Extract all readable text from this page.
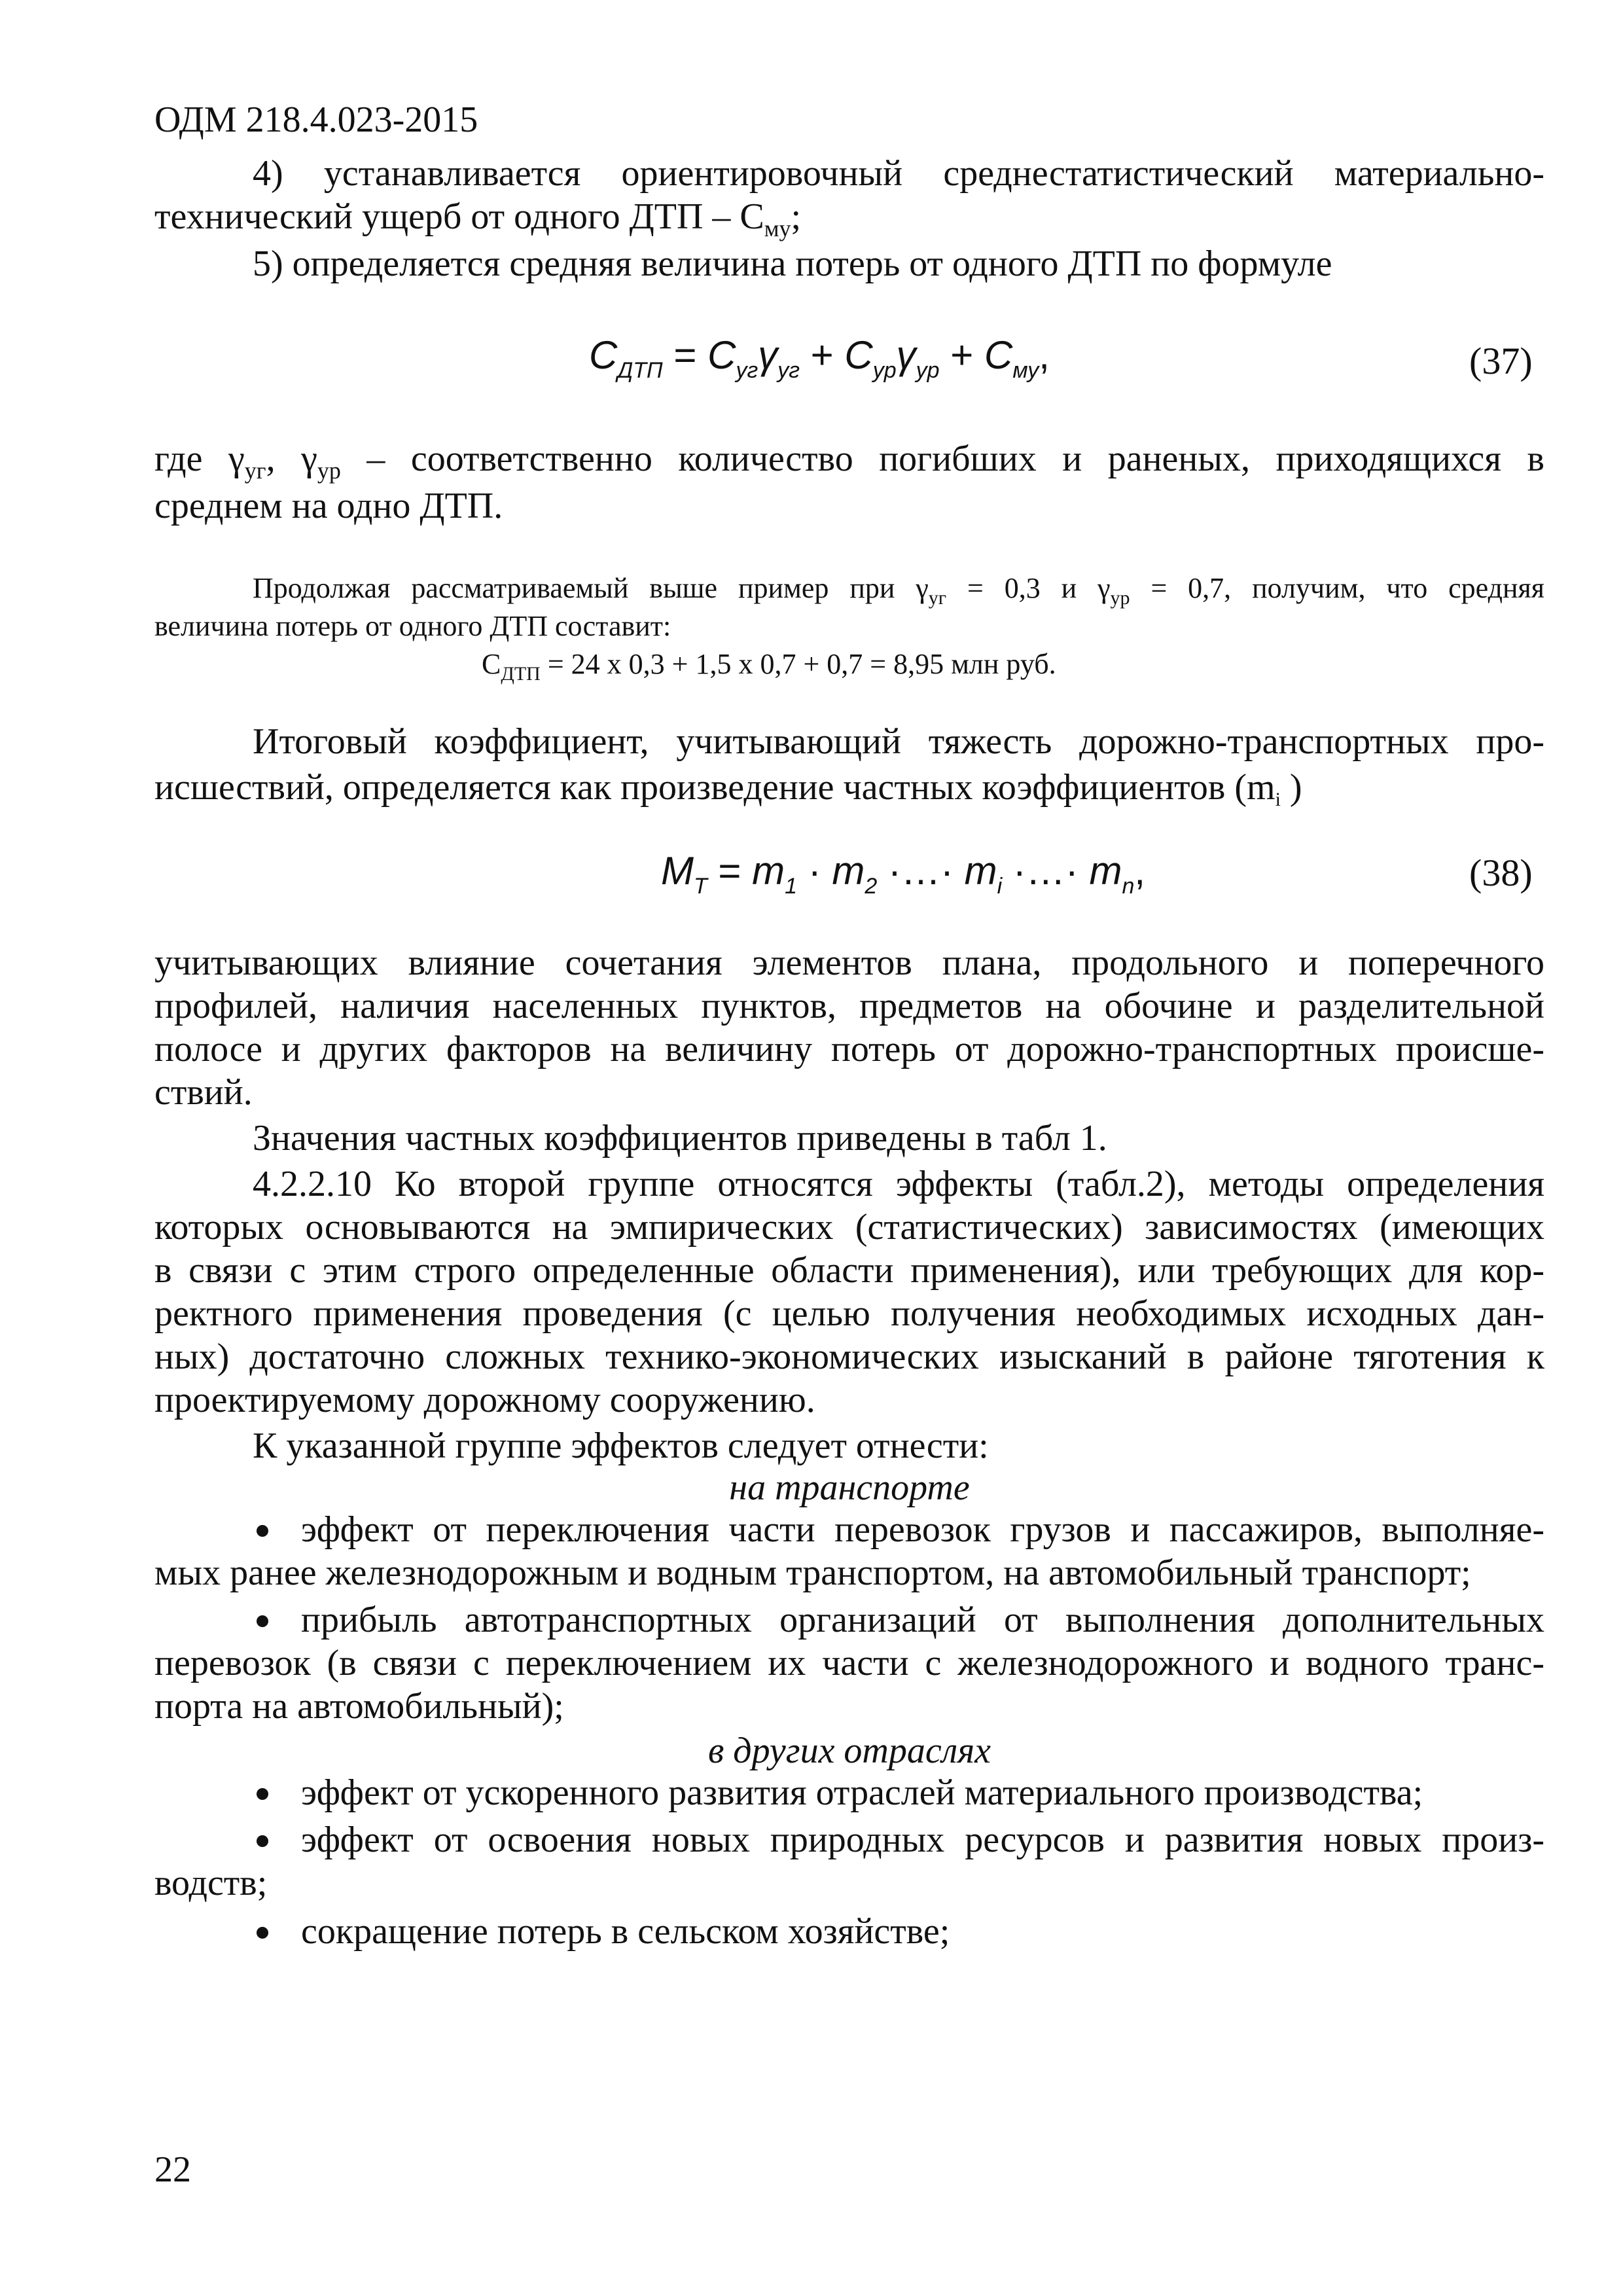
ОДМ 218.4.023-2015
4) устанавливается ориентировочный среднестатистический материально-
технический ущерб от одного ДТП – $С_{му}$;
5) определяется средняя величина потерь от одного ДТП по формуле
$C_{ДТП} = C_{уг}\gamma_{уг} + C_{ур}\gamma_{ур} + C_{му}$,	(37)
где $\gamma_{уг}$, $\gamma_{ур}$ – соответственно количество погибших и раненых, приходящихся в
среднем на одно ДТП.
Продолжая рассматриваемый выше пример при $\gamma_{уг} = 0,3$ и $\gamma_{ур} = 0,7$, получим, что средняя
величина потерь от одного ДТП составит:
$С_{ДТП} = 24$ х 0,3 + 1,5 х 0,7 + 0,7 = 8,95 млн руб.
Итоговый коэффициент, учитывающий тяжесть дорожно-транспортных про-
исшествий, определяется как произведение частных коэффициентов (mi )
$M_T = m_1 \cdot m_2$ ·…· $m_i$ ·…· $m_n$,	(38)
учитывающих влияние сочетания элементов плана, продольного и поперечного
профилей, наличия населенных пунктов, предметов на обочине и разделительной
полосе и других факторов на величину потерь от дорожно-транспортных происше-
ствий.
Значения частных коэффициентов приведены в табл 1.
4.2.2.10 Ко второй группе относятся эффекты (табл.2), методы определения
которых основываются на эмпирических (статистических) зависимостях (имеющих
в связи с этим строго определенные области применения), или требующих для кор-
ректного применения проведения (с целью получения необходимых исходных дан-
ных) достаточно сложных технико-экономических изысканий в районе тяготения к
проектируемому дорожному сооружению.
К указанной группе эффектов следует отнести:
на транспорте
эффект от переключения части перевозок грузов и пассажиров, выполняе-
мых ранее железнодорожным и водным транспортом, на автомобильный транспорт;
прибыль автотранспортных организаций от выполнения дополнительных
перевозок (в связи с переключением их части с железнодорожного и водного транс-
порта на автомобильный);
в других отраслях
эффект от ускоренного развития отраслей материального производства;
эффект от освоения новых природных ресурсов и развития новых произ-
водств;
сокращение потерь в сельском хозяйстве;
22
